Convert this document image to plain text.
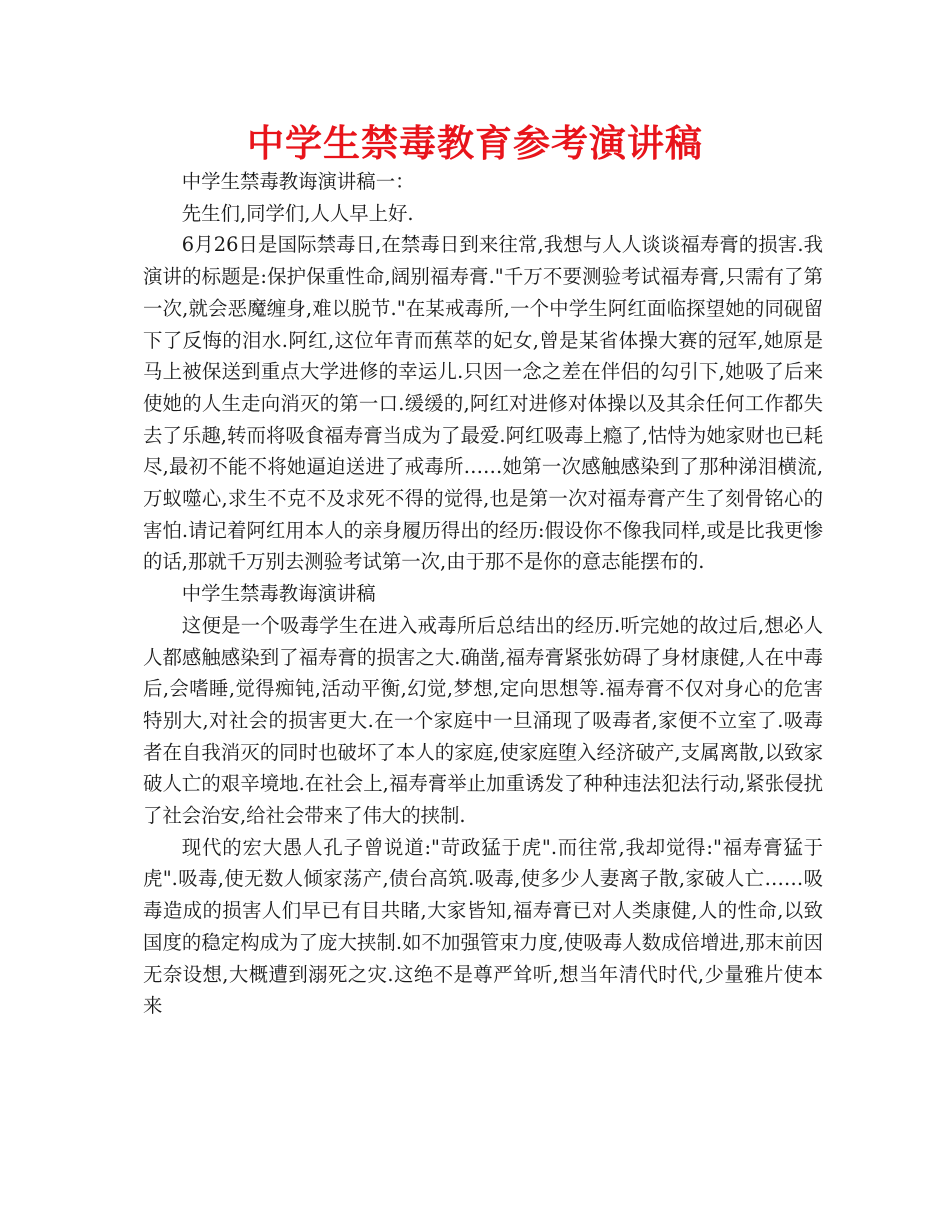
中学生禁毒教育参考演讲稿

中学生禁毒教诲演讲稿一：

先生们,同学们,人人早上好.

6月26日是国际禁毒日,在禁毒日到来往常,我想与人人谈谈福寿膏的损害.我演讲的标题是:保护保重性命,阔别福寿膏."千万不要测验考试福寿膏,只需有了第一次,就会恶魔缠身,难以脱节."在某戒毒所,一个中学生阿红面临探望她的同砚留下了反悔的泪水.阿红,这位年青而蕉萃的妃女,曾是某省体操大赛的冠军,她原是马上被保送到重点大学进修的幸运儿.只因一念之差在伴侣的勾引下,她吸了后来使她的人生走向消灭的第一口.缓缓的,阿红对进修对体操以及其余任何工作都失去了乐趣,转而将吸食福寿膏当成为了最爱.阿红吸毒上瘾了,怙恃为她家财也已耗尽,最初不能不将她逼迫送进了戒毒所……她第一次感触感染到了那种涕泪横流,万蚁噬心,求生不克不及求死不得的觉得,也是第一次对福寿膏产生了刻骨铭心的害怕.请记着阿红用本人的亲身履历得出的经历:假设你不像我同样,或是比我更惨的话,那就千万别去测验考试第一次,由于那不是你的意志能摆布的.

中学生禁毒教诲演讲稿

这便是一个吸毒学生在进入戒毒所后总结出的经历.听完她的故过后,想必人人都感触感染到了福寿膏的损害之大.确凿,福寿膏紧张妨碍了身材康健,人在中毒后,会嗜睡,觉得痴钝,活动平衡,幻觉,梦想,定向思想等.福寿膏不仅对身心的危害特别大,对社会的损害更大.在一个家庭中一旦涌现了吸毒者,家便不立室了.吸毒者在自我消灭的同时也破坏了本人的家庭,使家庭堕入经济破产,支属离散,以致家破人亡的艰辛境地.在社会上,福寿膏举止加重诱发了种种违法犯法行动,紧张侵扰了社会治安,给社会带来了伟大的挟制.

现代的宏大愚人孔子曾说道:"苛政猛于虎".而往常,我却觉得:"福寿膏猛于虎".吸毒,使无数人倾家荡产,债台高筑.吸毒,使多少人妻离子散,家破人亡……吸毒造成的损害人们早已有目共睹,大家皆知,福寿膏已对人类康健,人的性命,以致国度的稳定构成为了庞大挟制.如不加强管束力度,使吸毒人数成倍增进,那末前因无奈设想,大概遭到溺死之灾.这绝不是尊严耸听,想当年清代时代,少量雅片使本来
